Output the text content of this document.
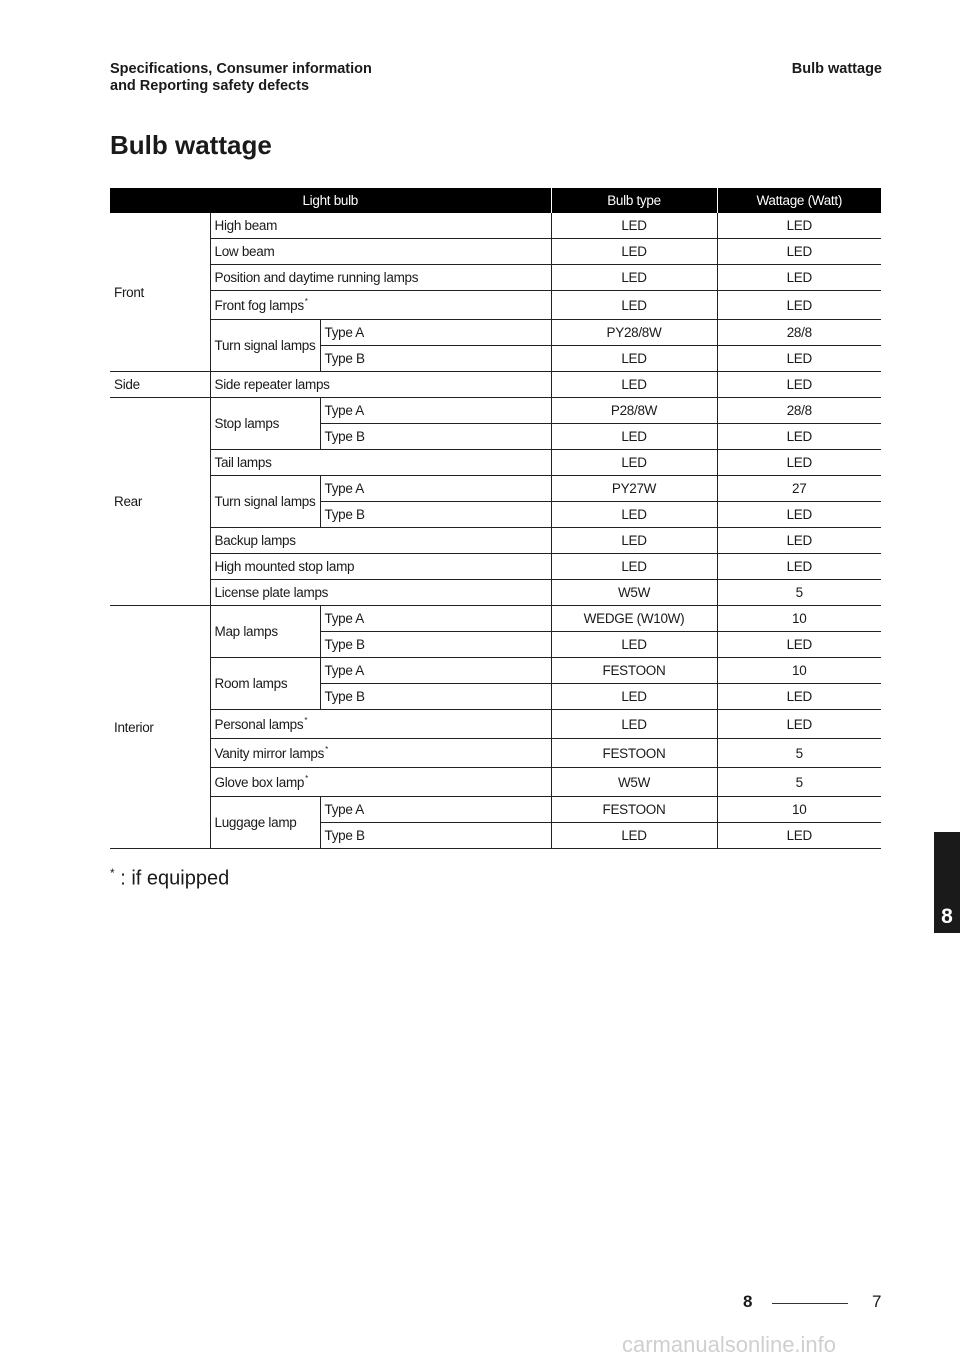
Specifications, Consumer information
and Reporting safety defects
Bulb wattage
Bulb wattage
Light bulb			Bulb type	Wattage (Watt)
Front	High beam		LED	LED
	Low beam		LED	LED
	Position and daytime running lamps		LED	LED
	Front fog lamps*		LED	LED
	Turn signal lamps	Type A	PY28/8W	28/8
		Type B	LED	LED
Side	Side repeater lamps		LED	LED
Rear	Stop lamps	Type A	P28/8W	28/8
		Type B	LED	LED
	Tail lamps		LED	LED
	Turn signal lamps	Type A	PY27W	27
		Type B	LED	LED
	Backup lamps		LED	LED
	High mounted stop lamp		LED	LED
	License plate lamps		W5W	5
Interior	Map lamps	Type A	WEDGE (W10W)	10
		Type B	LED	LED
	Room lamps	Type A	FESTOON	10
		Type B	LED	LED
	Personal lamps*		LED	LED
	Vanity mirror lamps*		FESTOON	5
	Glove box lamp*		W5W	5
	Luggage lamp	Type A	FESTOON	10
		Type B	LED	LED
* : if equipped
8
8	7
carmanualsonline.info
